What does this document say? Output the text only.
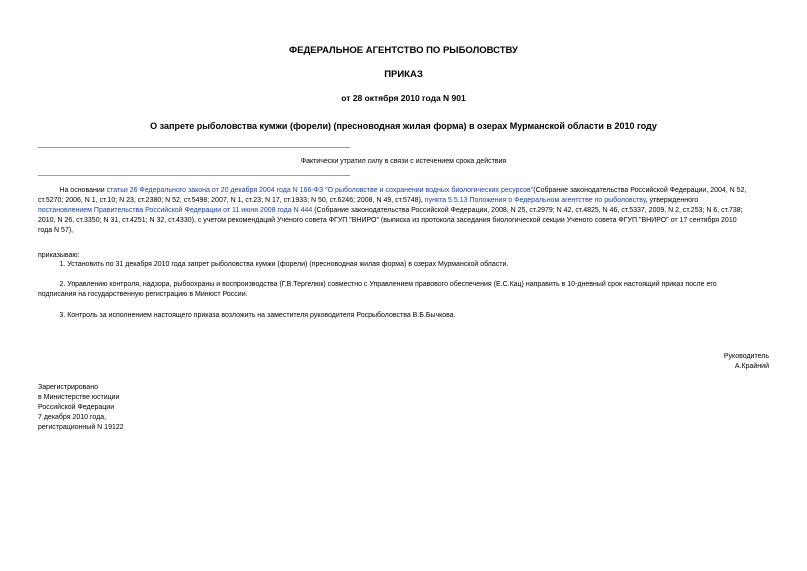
ФЕДЕРАЛЬНОЕ АГЕНТСТВО ПО РЫБОЛОВСТВУ
ПРИКАЗ
от 28 октября 2010 года N 901
О запрете рыболовства кумжи (форели) (пресноводная жилая форма) в озерах Мурманской области в 2010 году
Фактически утратил силу в связи с истечением срока действия
На основании статьи 26 Федерального закона от 20 декабря 2004 года N 166-ФЗ "О рыболовстве и сохранении водных биологических ресурсов"(Собрание законодательства Российской Федерации, 2004, N 52,
ст.5270; 2006, N 1, ст.10; N 23, ст.2380; N 52, ст.5498; 2007, N 1, ст.23; N 17, ст.1933; N 50, ст.6246; 2008, N 49, ст.5748), пункта 5.5.13 Положения о Федеральном агентстве по рыболовству, утвержденного
постановлением Правительства Российской Федерации от 11 июня 2008 года N 444 (Собрание законодательства Российской Федерации, 2008, N 25, ст.2979; N 42, ст.4825, N 46, ст.5337, 2009, N 2, ст.253; N 6, ст.738;
2010, N 26, ст.3350; N 31, ст.4251; N 32, ст.4330), с учетом рекомендаций Ученого совета ФГУП "ВНИРО" (выписка из протокола заседания биологической секции Ученого совета ФГУП "ВНИРО" от 17 сентября 2010
года N 57),
приказываю:
1. Установить по 31 декабря 2010 года запрет рыболовства кумжи (форели) (пресноводная жилая форма) в озерах Мурманской области.
2. Управлению контроля, надзора, рыбоохраны и воспроизводства (Г.В.Тергелюк) совместно с Управлением правового обеспечения (Е.С.Кац) направить в 10-дневный срок настоящий приказ после его
подписания на государственную регистрацию в Минюст России.
3. Контроль за исполнением настоящего приказа возложить на заместителя руководителя Росрыболовства В.Б.Бычкова.
Руководитель
А.Крайний
Зарегистрировано
в Министерстве юстиции
Российской Федерации
7 декабря 2010 года,
регистрационный N 19122
